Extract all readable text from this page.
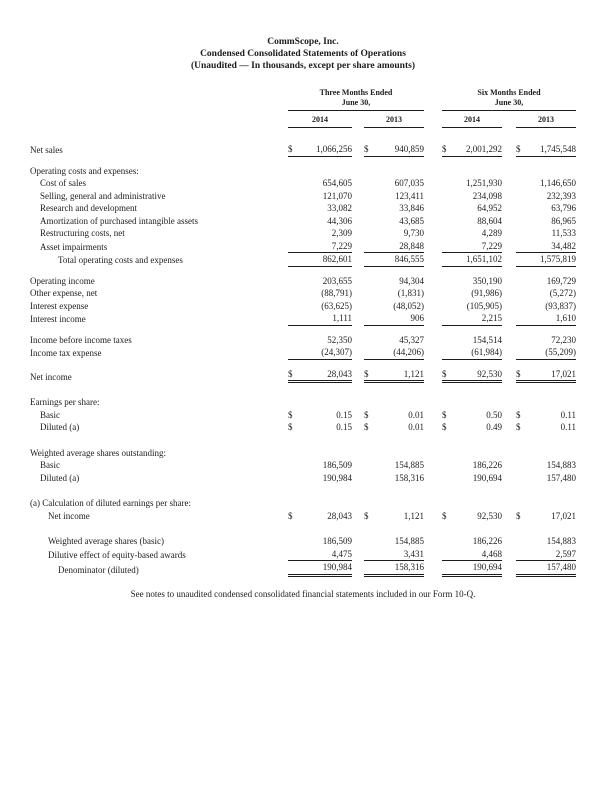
CommScope, Inc.
Condensed Consolidated Statements of Operations
(Unaudited — In thousands, except per share amounts)
Three Months Ended
June 30,
2014	2013
Six Months Ended
June 30,
2014	2013
Net sales	$	1,066,256 $	940,859 $ 2,001,292 $ 1,745,548
Operating costs and expenses:
Cost of sales	654,605	607,035	1,251,930	1,146,650
Selling, general and administrative	121,070	123,411	234,098	232,393
Research and development	33,082	33,846	64,952	63,796
Amortization of purchased intangible assets	44,306	43,685	88,604	86,965
Restructuring costs, net	2,309	9,730	4,289	11,533
Asset impairments	7,229	28,848	7,229	34,482
Total operating costs and expenses	862,601	846,555	1,651,102	1,575,819
Operating income	203,655	94,304	350,190	169,729
Other expense, net	(88,791)	(1,831)	(91,986)	(5,272)
Interest expense	(63,625)	(48,052)	(105,905)	(93,837)
Interest income	1,111	906	2,215	1,610
Income before income taxes	52,350	45,327	154,514	72,230
Income tax expense	(24,307)	(44,206)	(61,984)	(55,209)
Net income	$	28,043 $	1,121 $	92,530 $	17,021
Earnings per share:
Basic	$	0.15 $	0.01 $	0.50 $	0.11
Diluted (a)	$	0.15 $	0.01 $	0.49 $	0.11
Weighted average shares outstanding:
Basic	186,509	154,885	186,226	154,883
Diluted (a)	190,984	158,316	190,694	157,480
(a) Calculation of diluted earnings per share:
Net income	$	28,043 $	1,121 $	92,530 $	17,021
Weighted average shares (basic)	186,509	154,885	186,226	154,883
Dilutive effect of equity-based awards	4,475	3,431	4,468	2,597
Denominator (diluted)	190,984	158,316	190,694	157,480
See notes to unaudited condensed consolidated financial statements included in our Form 10-Q.
